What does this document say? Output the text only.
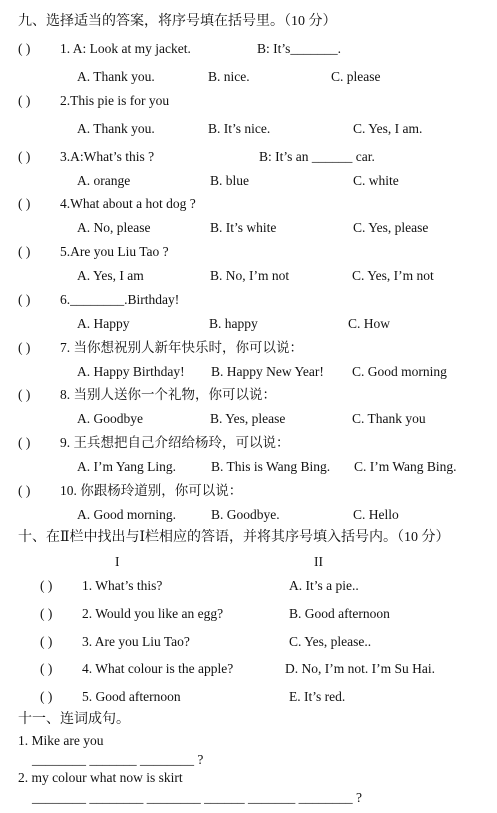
九、选择适当的答案，将序号填在括号里。（10 分）
( ) 1. A: Look at my jacket.	B: It’s_______.
A. Thank you.	B. nice.	C. please
( ) 2.This pie is for you
A. Thank you.	B. It’s nice.	C. Yes, I am.
( ) 3.A:What’s this ?	B: It’s an ______ car.
A. orange	B. blue	C. white
( ) 4.What about a hot dog ?
A. No, please	B. It’s white	C. Yes, please
( ) 5.Are you Liu Tao ?
A. Yes, I am	B. No, I’m not	C. Yes, I’m not
( ) 6.________.Birthday!
A. Happy	B. happy	C. How
( ) 7. 当你想祝别人新年快乐时，你可以说：
A. Happy Birthday! B. Happy New Year! C. Good morning
( ) 8. 当别人送你一个礼物，你可以说：
A. Goodbye	B. Yes, please	C. Thank you
( ) 9. 王兵想把自己介绍给杨玲，可以说：
A. I’m Yang Ling.	B. This is Wang Bing. C. I’m Wang Bing.
( ) 10. 你跟杨玲道别，你可以说：
A. Good morning.	B. Goodbye.	C. Hello
十、在Ⅱ栏中找出与Ⅰ栏相应的答语，并将其序号填入括号内。（10 分）
I	II
( ) 1. What’s this?	A. It’s a pie..
( ) 2. Would you like an egg?	B. Good afternoon
( ) 3. Are you Liu Tao?	C. Yes, please..
( ) 4. What colour is the apple?	D. No, I’m not. I’m Su Hai.
( ) 5. Good afternoon	E. It’s red.
十一、连词成句。
1. Mike are you
________ _______ ________ ?
2. my colour what now is skirt
________ ________ ________ ______ _______ ________ ?
